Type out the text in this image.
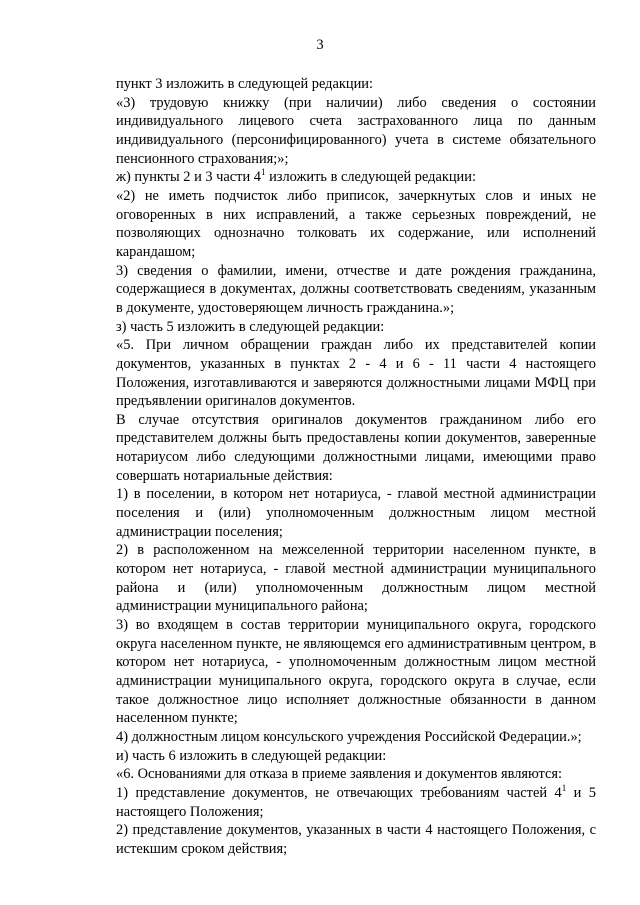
3

пункт 3 изложить в следующей редакции:

«3) трудовую книжку (при наличии) либо сведения о состоянии индивидуального лицевого счета застрахованного лица по данным индивидуального (персонифицированного) учета в системе обязательного пенсионного страхования;»;

ж) пункты 2 и 3 части $4^1$ изложить в следующей редакции:

«2) не иметь подчисток либо приписок, зачеркнутых слов и иных не оговоренных в них исправлений, а также серьезных повреждений, не позволяющих однозначно толковать их содержание, или исполнений карандашом;

3) сведения о фамилии, имени, отчестве и дате рождения гражданина, содержащиеся в документах, должны соответствовать сведениям, указанным в документе, удостоверяющем личность гражданина.»;

з) часть 5 изложить в следующей редакции:

«5. При личном обращении граждан либо их представителей копии документов, указанных в пунктах 2 - 4 и 6 - 11 части 4 настоящего Положения, изготавливаются и заверяются должностными лицами МФЦ при предъявлении оригиналов документов.

В случае отсутствия оригиналов документов гражданином либо его представителем должны быть предоставлены копии документов, заверенные нотариусом либо следующими должностными лицами, имеющими право совершать нотариальные действия:

1) в поселении, в котором нет нотариуса, - главой местной администрации поселения и (или) уполномоченным должностным лицом местной администрации поселения;

2) в расположенном на межселенной территории населенном пункте, в котором нет нотариуса, - главой местной администрации муниципального района и (или) уполномоченным должностным лицом местной администрации муниципального района;

3) во входящем в состав территории муниципального округа, городского округа населенном пункте, не являющемся его административным центром, в котором нет нотариуса, - уполномоченным должностным лицом местной администрации муниципального округа, городского округа в случае, если такое должностное лицо исполняет должностные обязанности в данном населенном пункте;

4) должностным лицом консульского учреждения Российской Федерации.»;

и) часть 6 изложить в следующей редакции:

«6. Основаниями для отказа в приеме заявления и документов являются:

1) представление документов, не отвечающих требованиям частей $4^1$ и 5 настоящего Положения;

2) представление документов, указанных в части 4 настоящего Положения, с истекшим сроком действия;
